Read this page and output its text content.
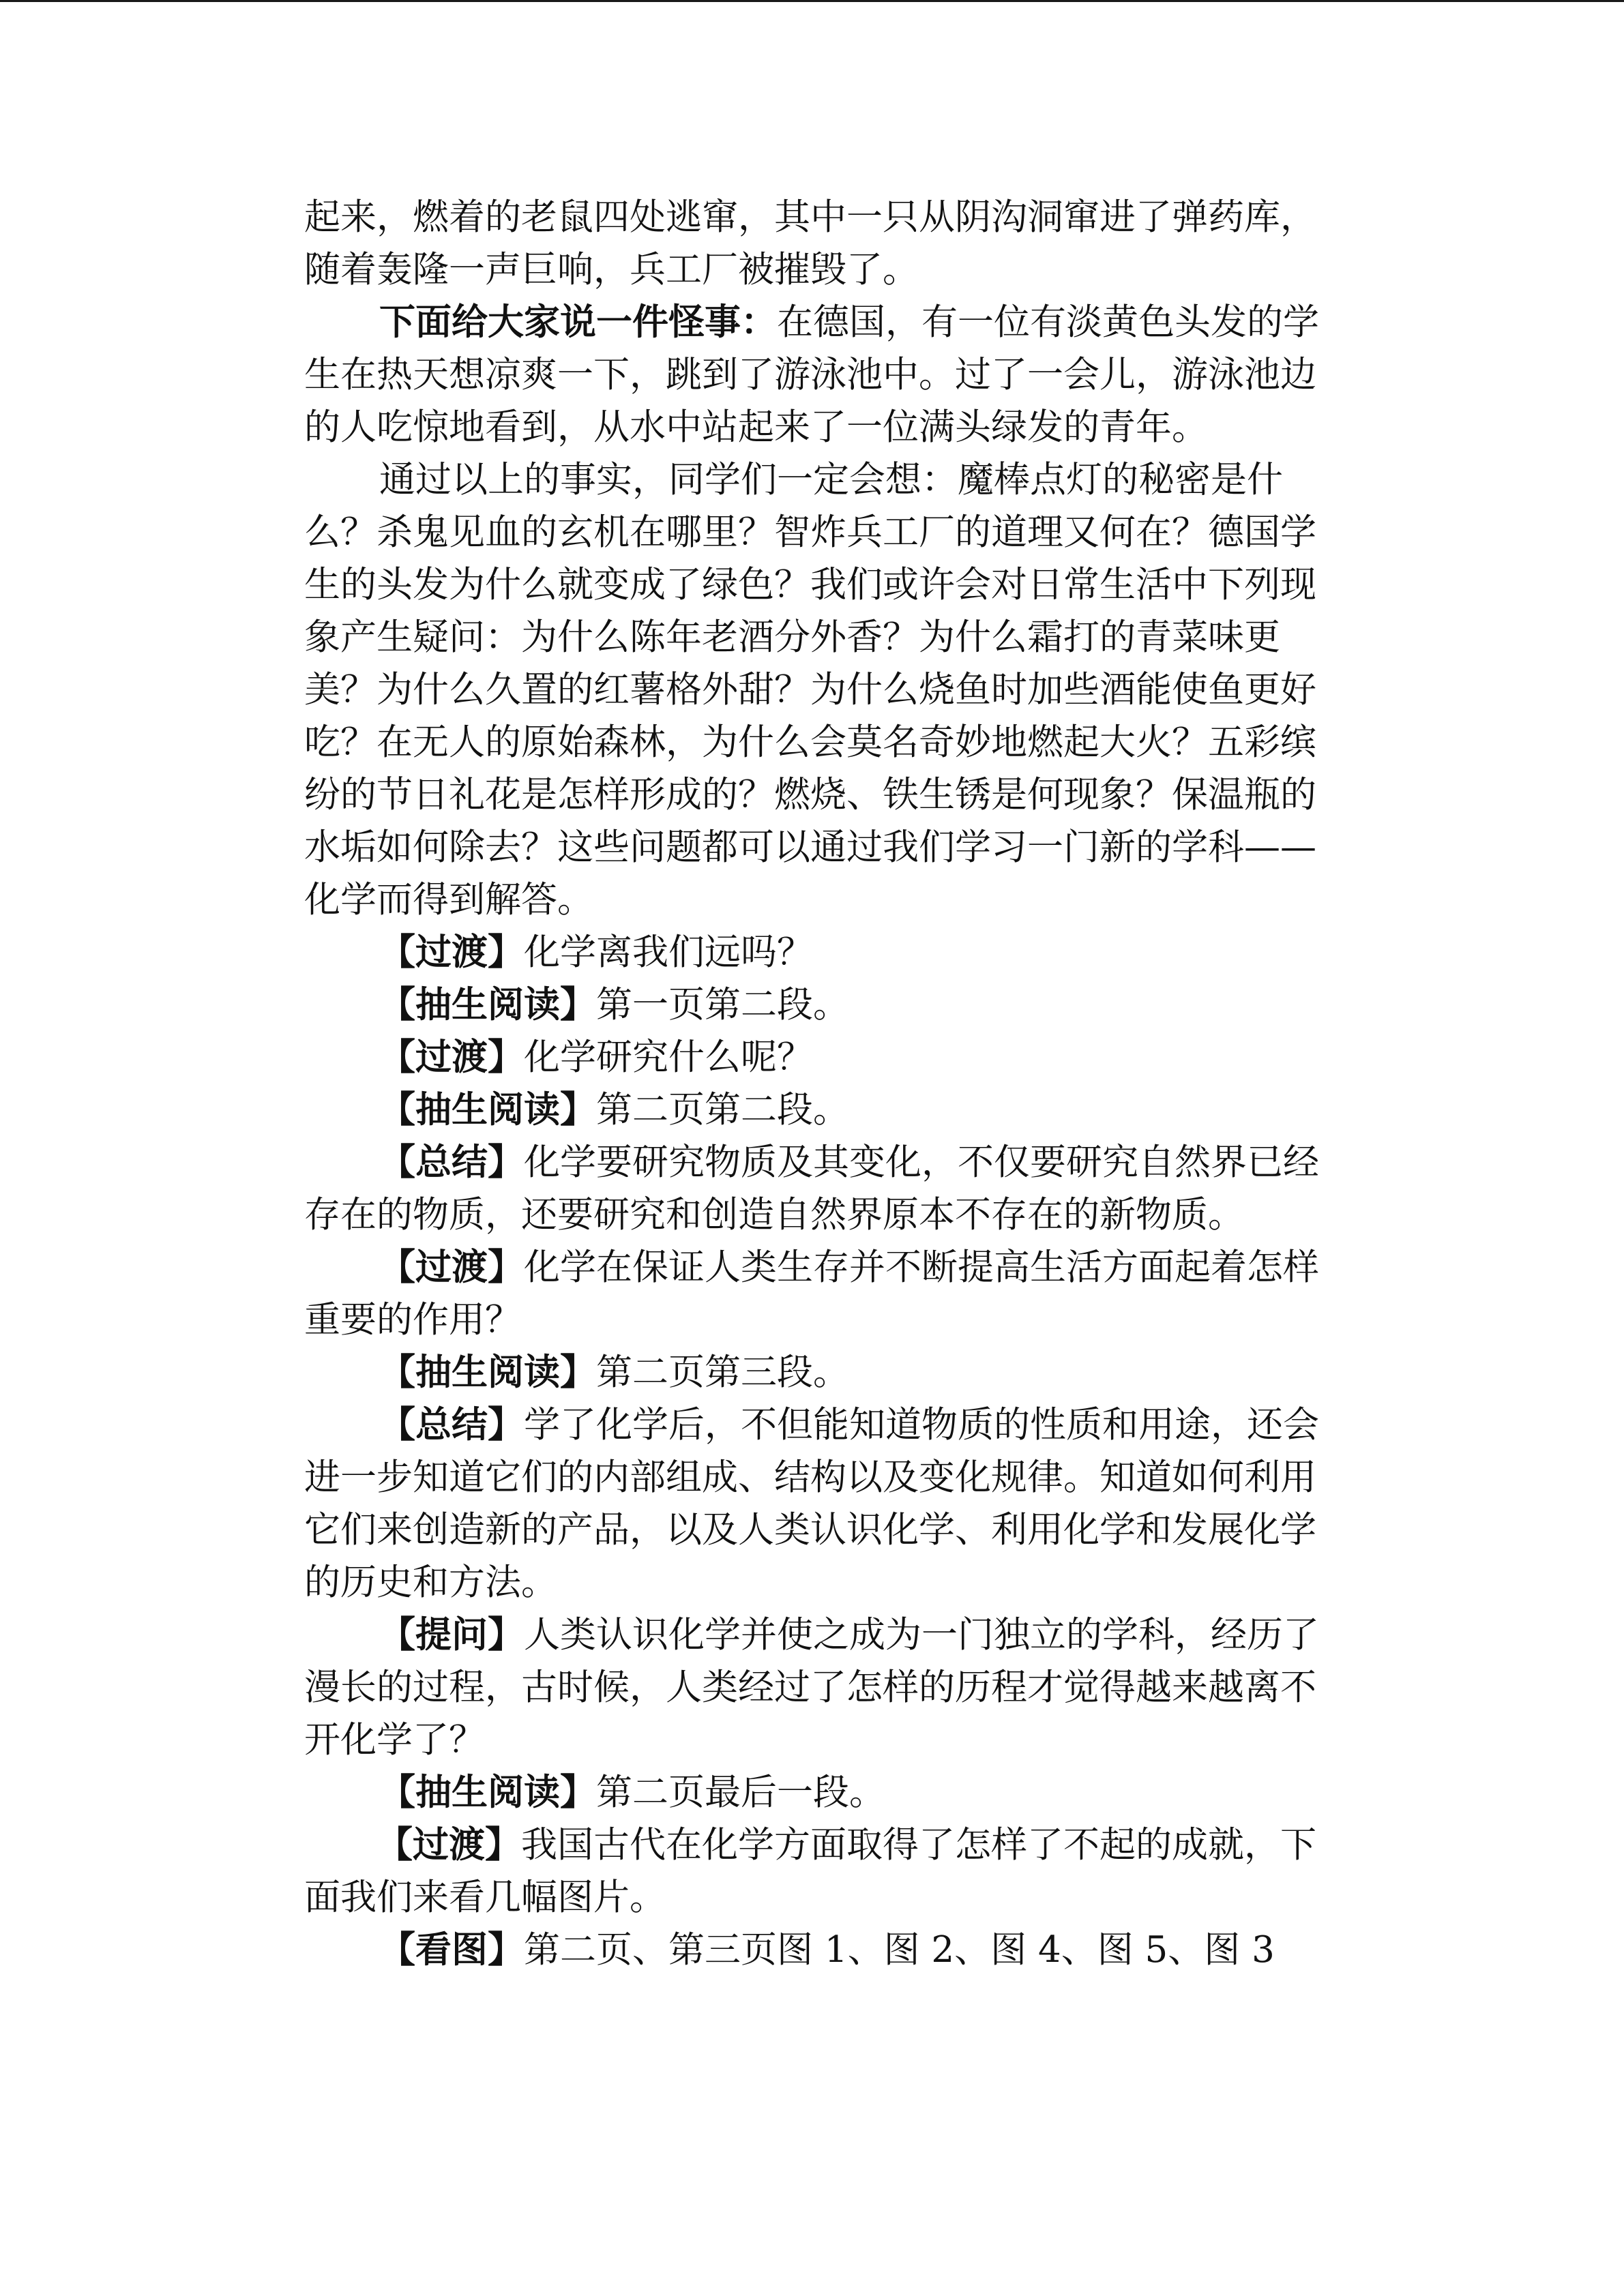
起来，燃着的老鼠四处逃窜，其中一只从阴沟洞窜进了弹药库，

随着轰隆一声巨响，兵工厂被摧毁了。

下面给大家说一件怪事：在德国，有一位有淡黄色头发的学

生在热天想凉爽一下，跳到了游泳池中。过了一会儿，游泳池边

的人吃惊地看到，从水中站起来了一位满头绿发的青年。

通过以上的事实，同学们一定会想：魔棒点灯的秘密是什

么？杀鬼见血的玄机在哪里？智炸兵工厂的道理又何在？德国学

生的头发为什么就变成了绿色？我们或许会对日常生活中下列现

象产生疑问：为什么陈年老酒分外香？为什么霜打的青菜味更

美？为什么久置的红薯格外甜？为什么烧鱼时加些酒能使鱼更好

吃？在无人的原始森林，为什么会莫名奇妙地燃起大火？五彩缤

纷的节日礼花是怎样形成的？燃烧、铁生锈是何现象？保温瓶的

水垢如何除去？这些问题都可以通过我们学习一门新的学科——

化学而得到解答。

【过渡】化学离我们远吗？

【抽生阅读】第一页第二段。

【过渡】化学研究什么呢？

【抽生阅读】第二页第二段。

【总结】化学要研究物质及其变化，不仅要研究自然界已经

存在的物质，还要研究和创造自然界原本不存在的新物质。

【过渡】化学在保证人类生存并不断提高生活方面起着怎样

重要的作用？

【抽生阅读】第二页第三段。

【总结】学了化学后，不但能知道物质的性质和用途，还会

进一步知道它们的内部组成、结构以及变化规律。知道如何利用

它们来创造新的产品，以及人类认识化学、利用化学和发展化学

的历史和方法。

【提问】人类认识化学并使之成为一门独立的学科，经历了

漫长的过程，古时候，人类经过了怎样的历程才觉得越来越离不

开化学了？

【抽生阅读】第二页最后一段。

【过渡】我国古代在化学方面取得了怎样了不起的成就，下

面我们来看几幅图片。

【看图】第二页、第三页图 1、图 2、图 4、图 5、图 3
